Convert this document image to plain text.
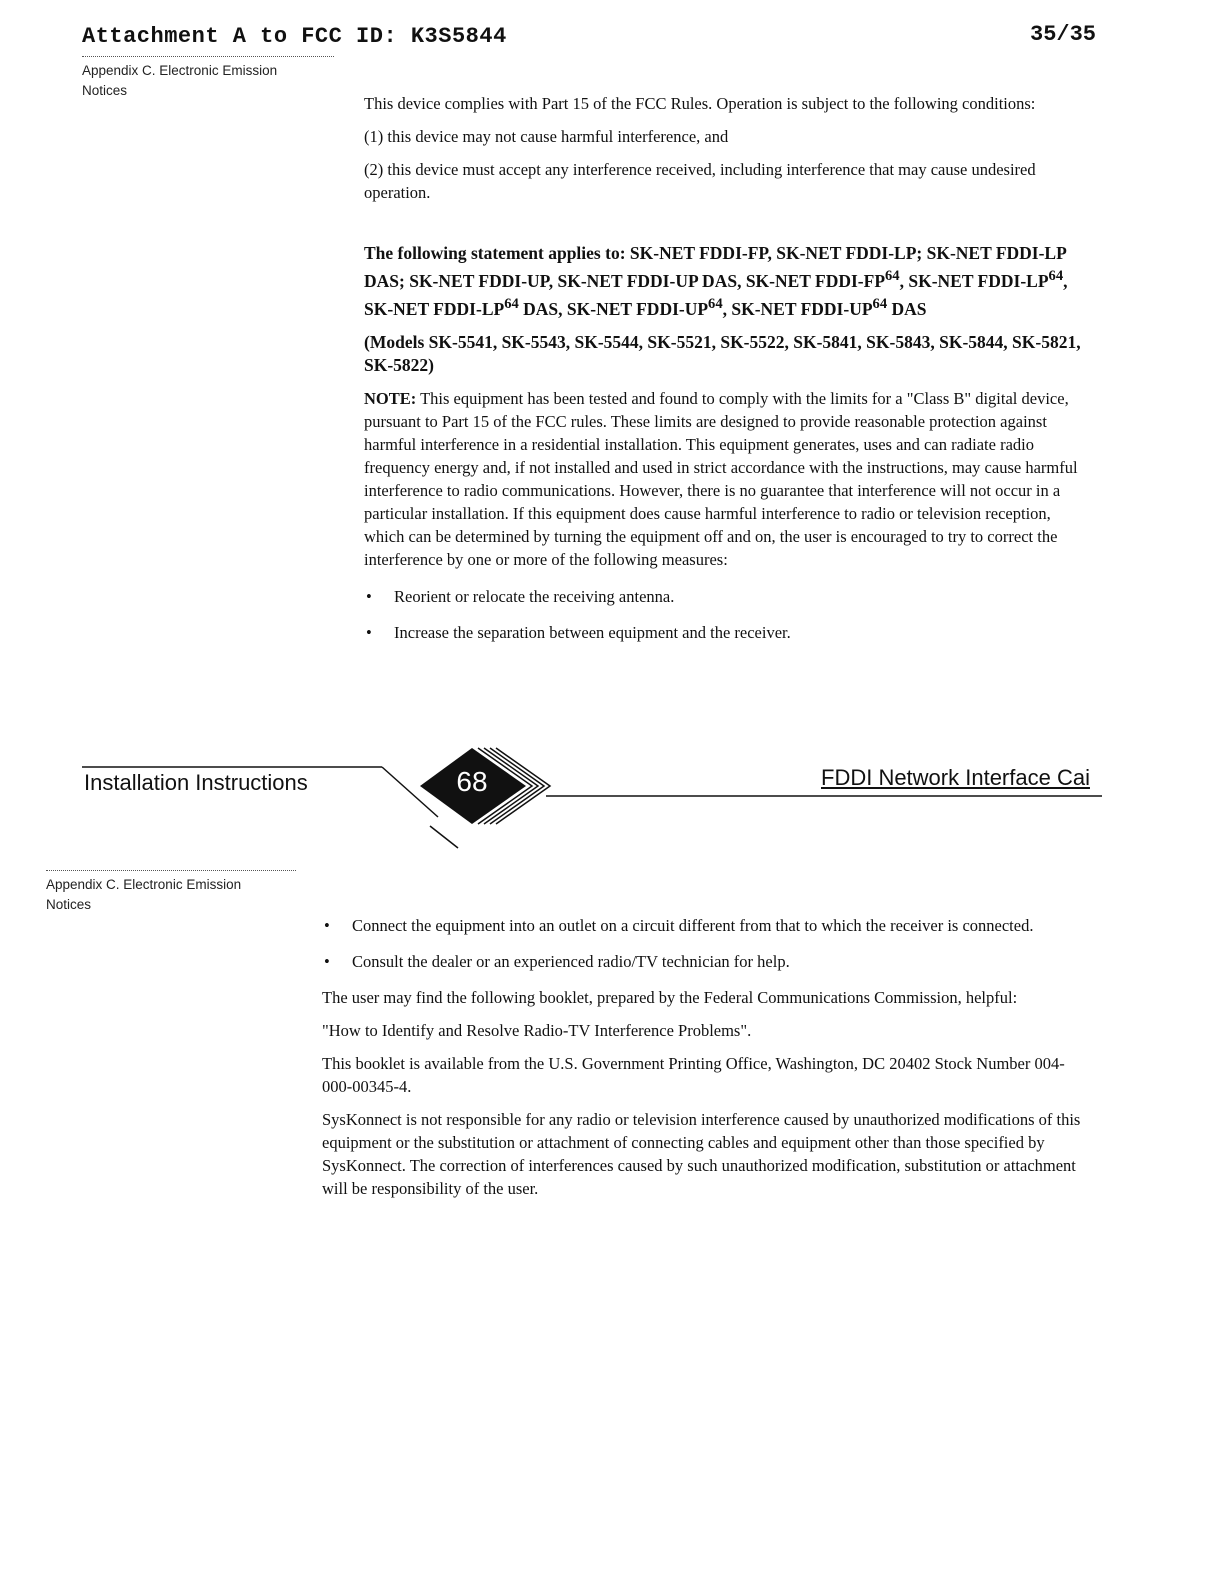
Attachment A to FCC ID: K3S5844	35/35
Appendix C. Electronic Emission
Notices

This device complies with Part 15 of the FCC Rules. Operation is subject to the following conditions:

(1) this device may not cause harmful interference, and

(2) this device must accept any interference received, including interference that may cause undesired operation.

The following statement applies to: SK-NET FDDI-FP, SK-NET FDDI-LP; SK-NET FDDI-LP DAS; SK-NET FDDI-UP, SK-NET FDDI-UP DAS, SK-NET FDDI-FP$^{64}$, SK-NET FDDI-LP$^{64}$, SK-NET FDDI-LP$^{64}$ DAS, SK-NET FDDI-UP$^{64}$, SK-NET FDDI-UP$^{64}$ DAS

(Models SK-5541, SK-5543, SK-5544, SK-5521, SK-5522, SK-5841, SK-5843, SK-5844, SK-5821, SK-5822)

NOTE: This equipment has been tested and found to comply with the limits for a "Class B" digital device, pursuant to Part 15 of the FCC rules. These limits are designed to provide reasonable protection against harmful interference in a residential installation. This equipment generates, uses and can radiate radio frequency energy and, if not installed and used in strict accordance with the instructions, may cause harmful interference to radio communications. However, there is no guarantee that interference will not occur in a particular installation. If this equipment does cause harmful interference to radio or television reception, which can be determined by turning the equipment off and on, the user is encouraged to try to correct the interference by one or more of the following measures:

• Reorient or relocate the receiving antenna.
• Increase the separation between equipment and the receiver.
68
Installation Instructions	FDDI Network Interface Cai
Appendix C. Electronic Emission
Notices
• Connect the equipment into an outlet on a circuit different from that to which the receiver is connected.
• Consult the dealer or an experienced radio/TV technician for help.

The user may find the following booklet, prepared by the Federal Communications Commission, helpful:

"How to Identify and Resolve Radio-TV Interference Problems".

This booklet is available from the U.S. Government Printing Office, Washington, DC 20402 Stock Number 004-000-00345-4.

SysKonnect is not responsible for any radio or television interference caused by unauthorized modifications of this equipment or the substitution or attachment of connecting cables and equipment other than those specified by SysKonnect. The correction of interferences caused by such unauthorized modification, substitution or attachment will be responsibility of the user.
